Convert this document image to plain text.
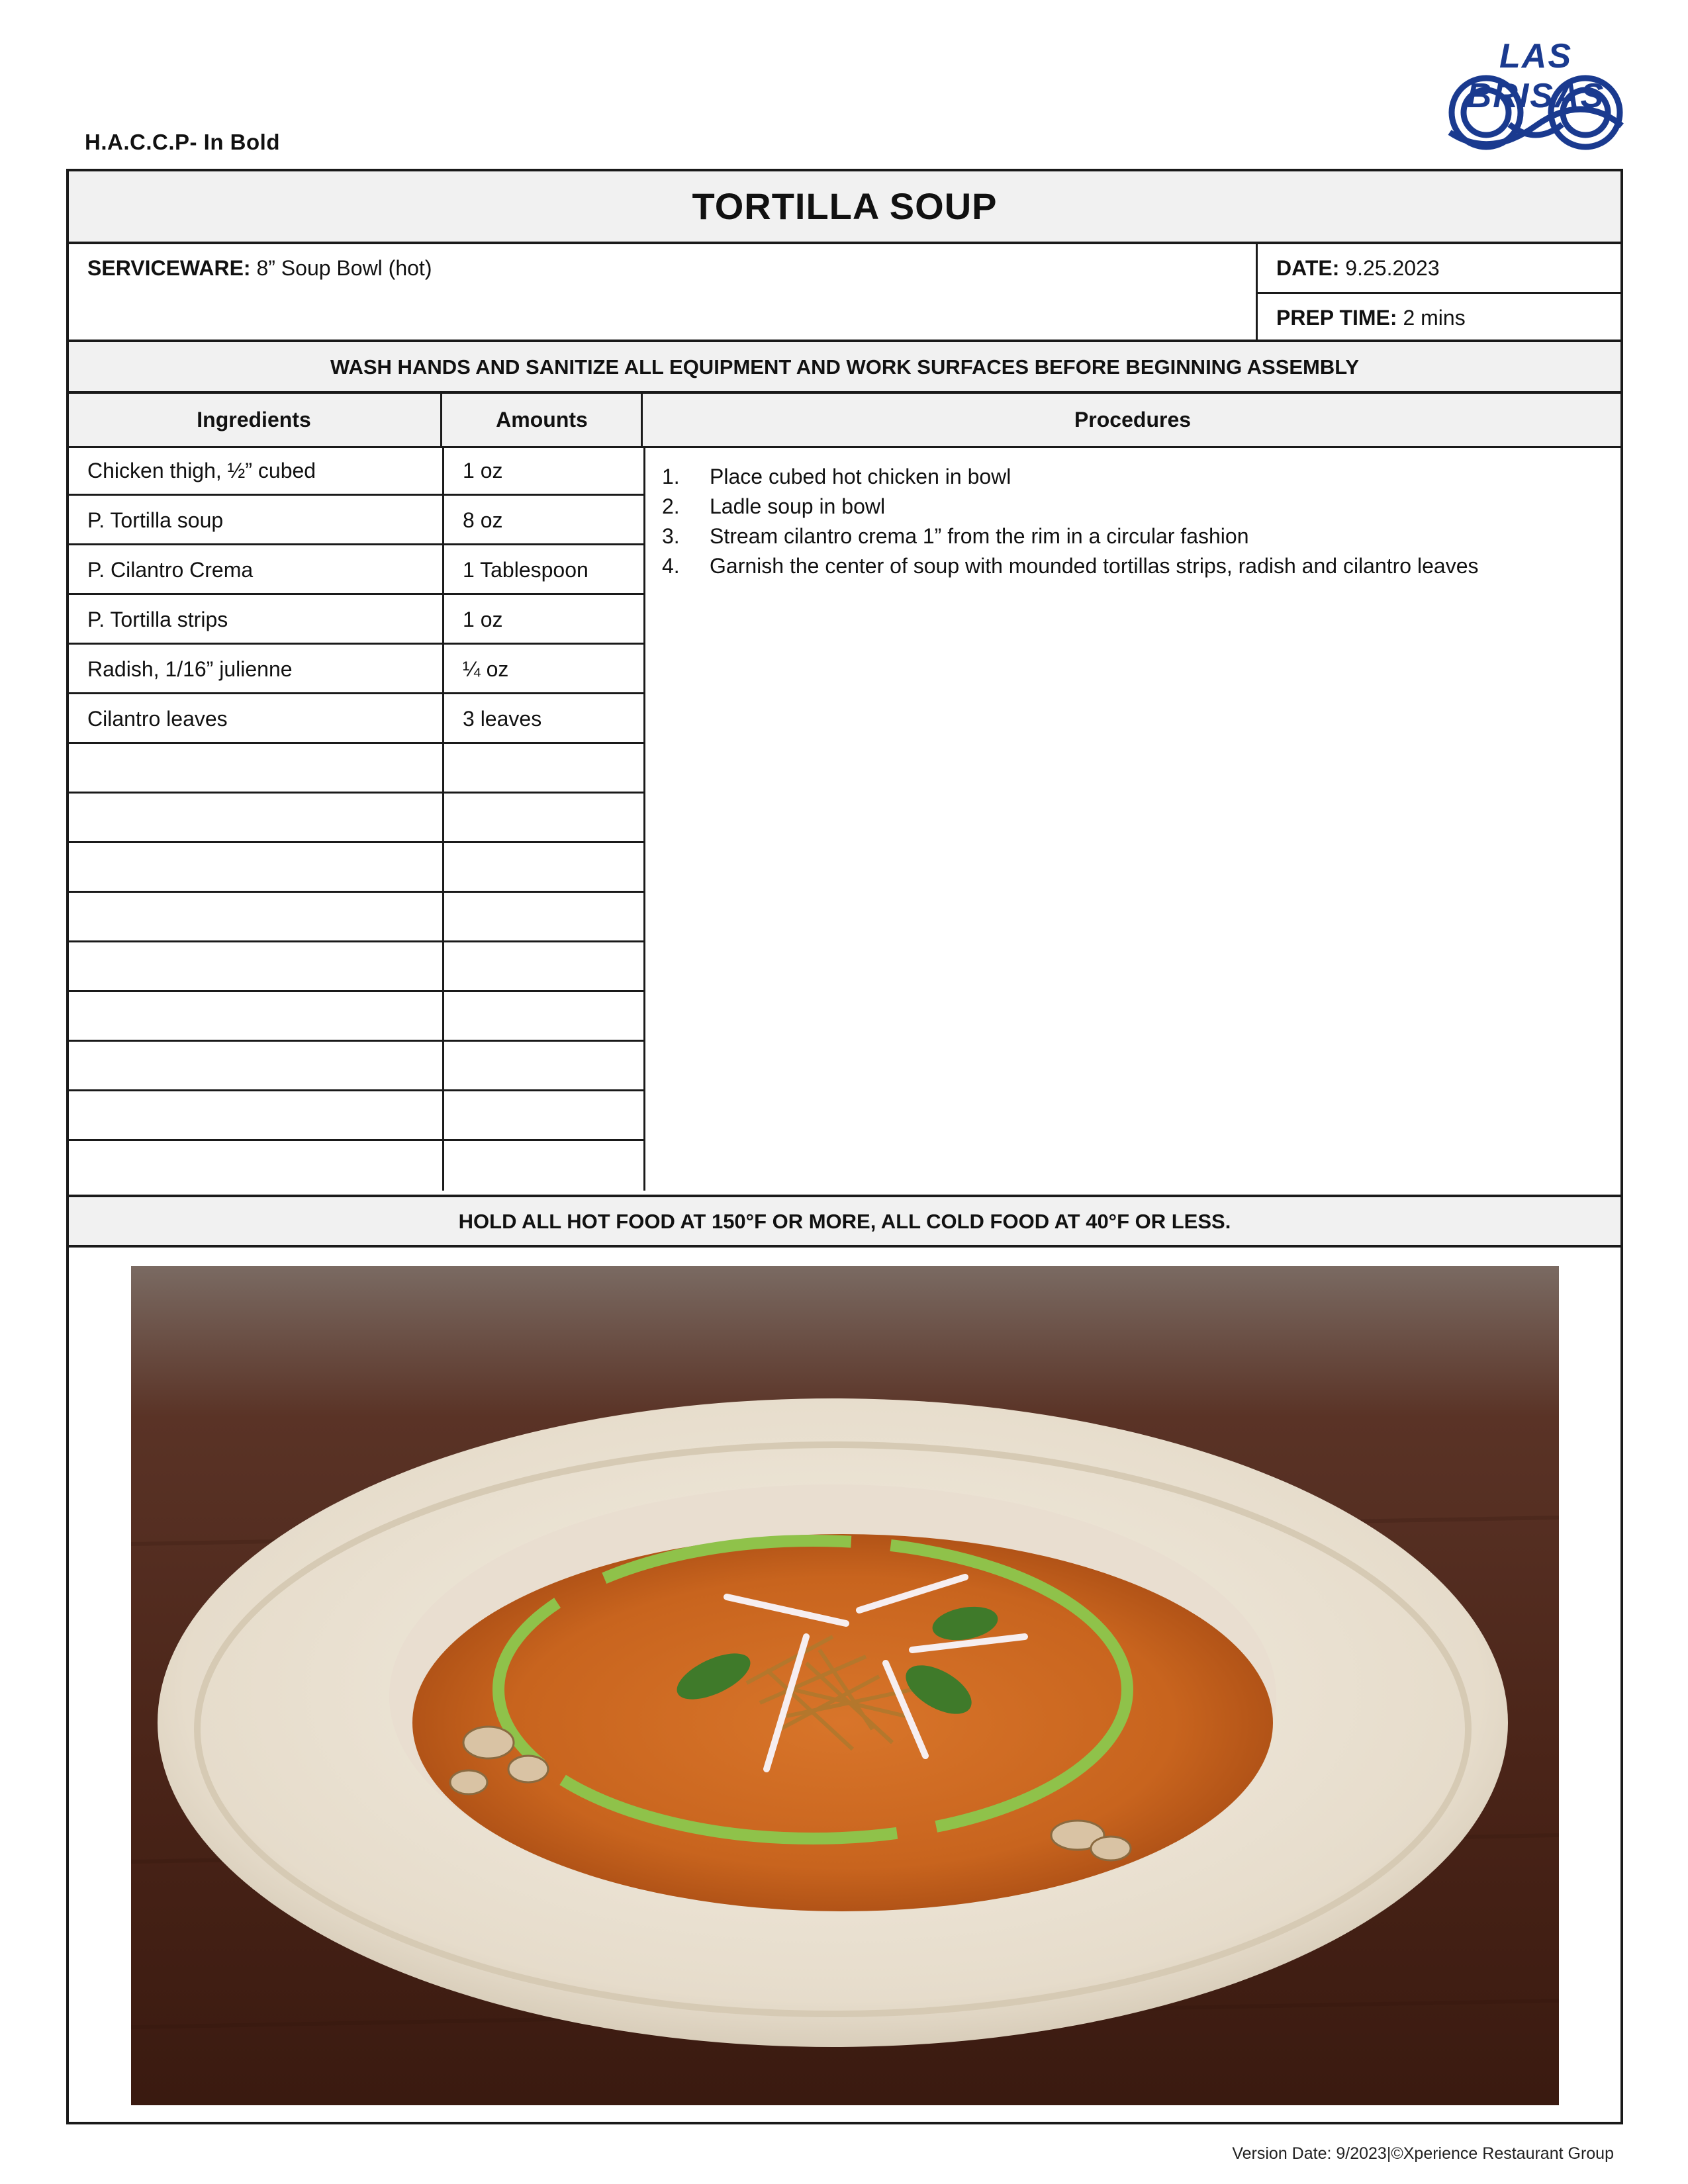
H.A.C.C.P- In Bold
LAS BRISAS
TORTILLA SOUP
SERVICEWARE: 8” Soup Bowl (hot)	DATE: 9.25.2023
PREP TIME: 2 mins
WASH HANDS AND SANITIZE ALL EQUIPMENT AND WORK SURFACES BEFORE BEGINNING ASSEMBLY
Ingredients	Amounts	Procedures
Chicken thigh, ½” cubed	1 oz
P. Tortilla soup	8 oz
P. Cilantro Crema	1 Tablespoon
P. Tortilla strips	1 oz
Radish, 1/16” julienne	¼ oz
Cilantro leaves	3 leaves
1.	Place cubed hot chicken in bowl
2.	Ladle soup in bowl
3.	Stream cilantro crema 1” from the rim in a circular fashion
4.	Garnish the center of soup with mounded tortillas strips, radish and cilantro leaves
HOLD ALL HOT FOOD AT 150°F OR MORE, ALL COLD FOOD AT 40°F OR LESS.
Version Date: 9/2023|©Xperience Restaurant Group
